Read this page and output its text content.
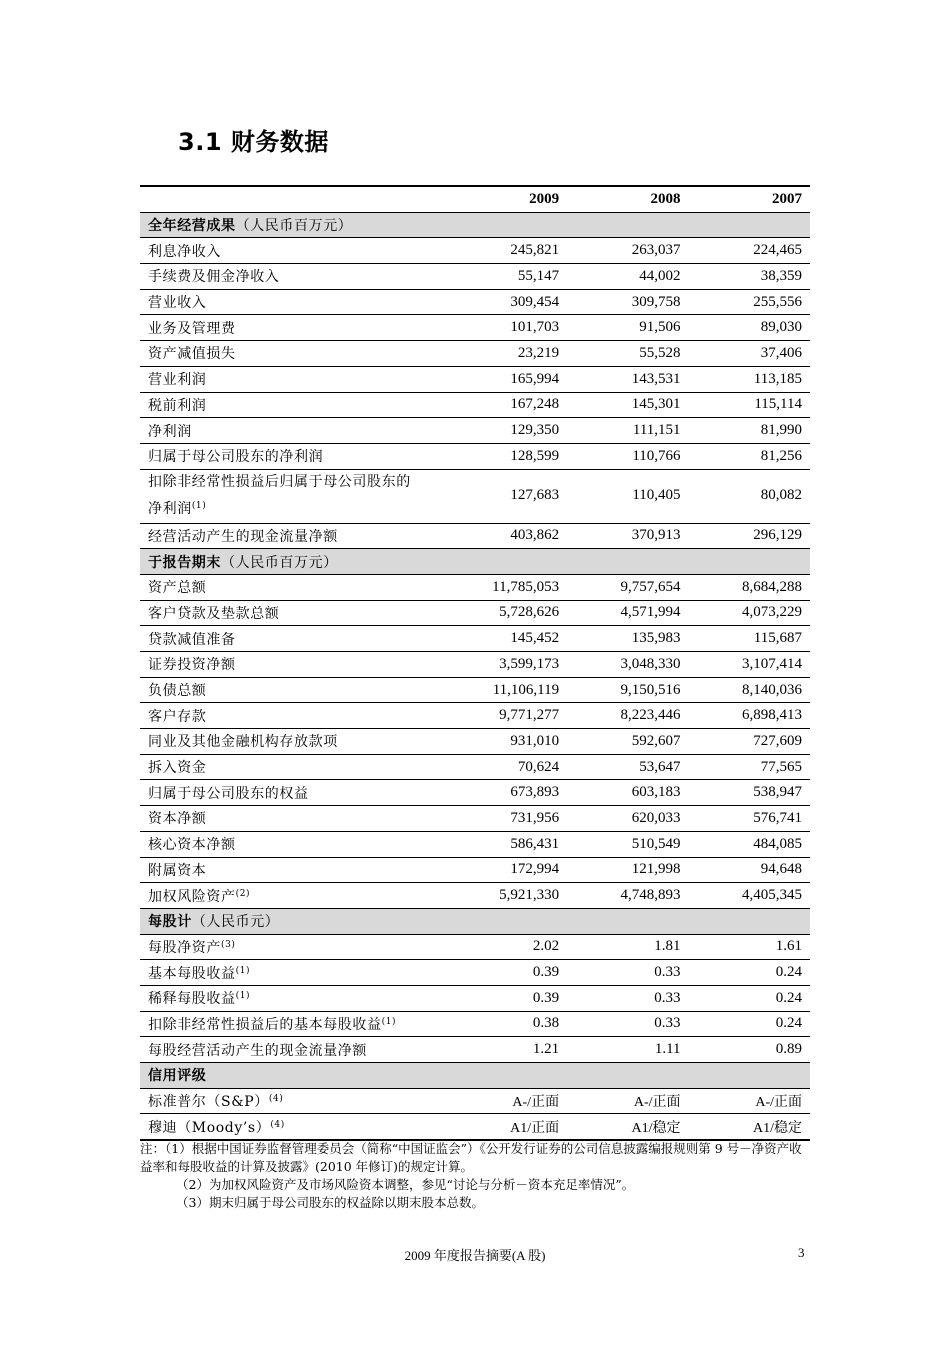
3.1 财务数据
	2009	2008	2007
全年经营成果（人民币百万元）			
利息净收入	245,821	263,037	224,465
手续费及佣金净收入	55,147	44,002	38,359
营业收入	309,454	309,758	255,556
业务及管理费	101,703	91,506	89,030
资产减值损失	23,219	55,528	37,406
营业利润	165,994	143,531	113,185
税前利润	167,248	145,301	115,114
净利润	129,350	111,151	81,990
归属于母公司股东的净利润	128,599	110,766	81,256
扣除非经常性损益后归属于母公司股东的
净利润$^{(1)}$	127,683	110,405	80,082
经营活动产生的现金流量净额	403,862	370,913	296,129
于报告期末（人民币百万元）			
资产总额	11,785,053	9,757,654	8,684,288
客户贷款及垫款总额	5,728,626	4,571,994	4,073,229
贷款减值准备	145,452	135,983	115,687
证券投资净额	3,599,173	3,048,330	3,107,414
负债总额	11,106,119	9,150,516	8,140,036
客户存款	9,771,277	8,223,446	6,898,413
同业及其他金融机构存放款项	931,010	592,607	727,609
拆入资金	70,624	53,647	77,565
归属于母公司股东的权益	673,893	603,183	538,947
资本净额	731,956	620,033	576,741
核心资本净额	586,431	510,549	484,085
附属资本	172,994	121,998	94,648
加权风险资产$^{(2)}$	5,921,330	4,748,893	4,405,345
每股计（人民币元）			
每股净资产$^{(3)}$	2.02	1.81	1.61
基本每股收益$^{(1)}$	0.39	0.33	0.24
稀释每股收益$^{(1)}$	0.39	0.33	0.24
扣除非经常性损益后的基本每股收益$^{(1)}$	0.38	0.33	0.24
每股经营活动产生的现金流量净额	1.21	1.11	0.89
信用评级			
标准普尔（S&P）$^{(4)}$	A-/正面	A-/正面	A-/正面
穆迪（Moody’s）$^{(4)}$	A1/正面	A1/稳定	A1/稳定
注：（1）根据中国证券监督管理委员会（简称“中国证监会”）《公开发行证券的公司信息披露编报规则第 9 号－净资产收益率和每股收益的计算及披露》(2010 年修订)的规定计算。
（2）为加权风险资产及市场风险资本调整，参见“讨论与分析－资本充足率情况”。
（3）期末归属于母公司股东的权益除以期末股本总数。
2009 年度报告摘要(A 股)	3
